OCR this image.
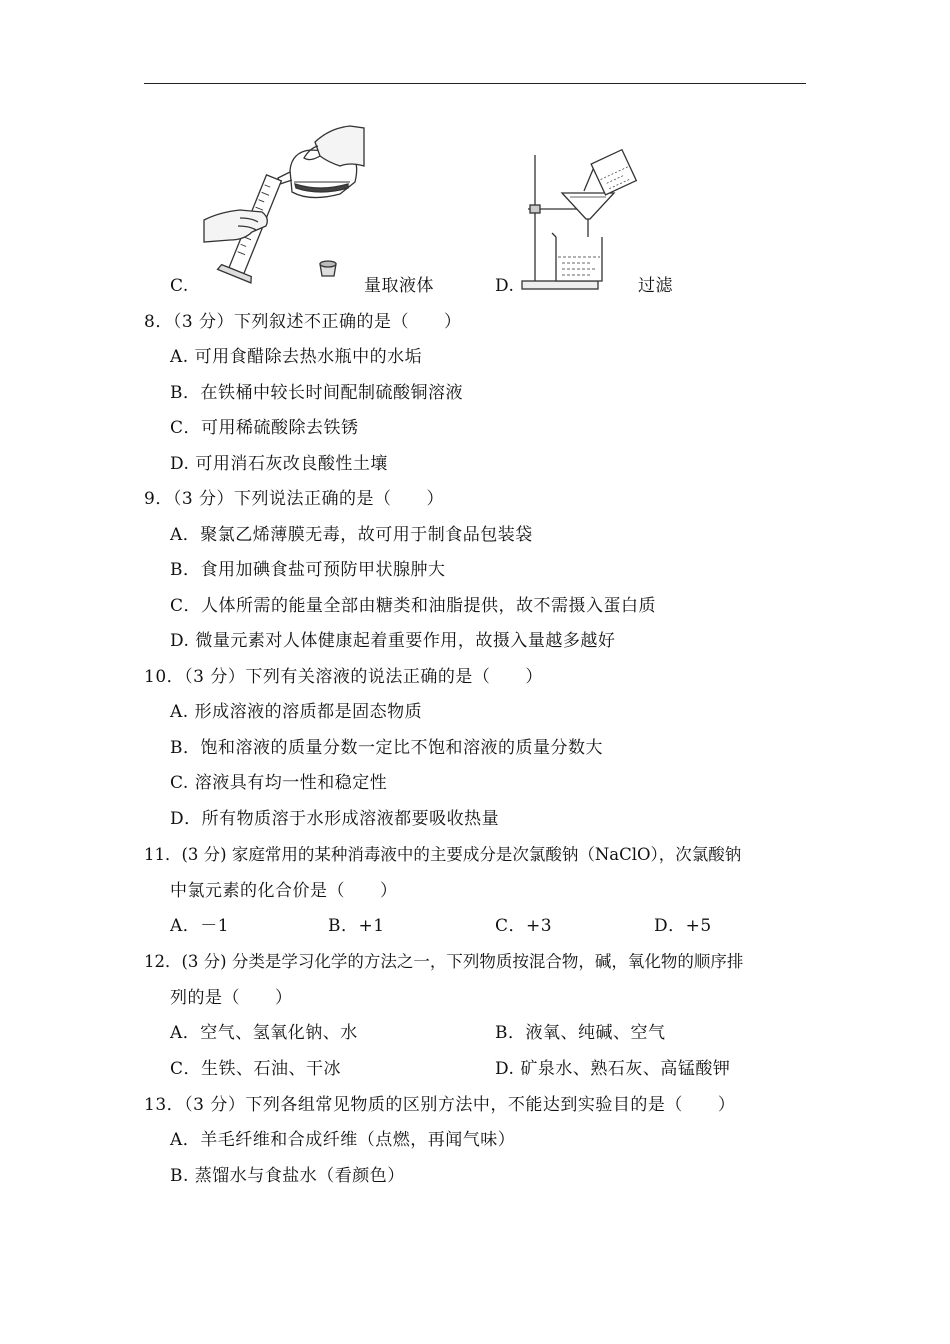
C.	量取液体	D.	过滤
8．（3 分）下列叙述不正确的是（　　）
A. 可用食醋除去热水瓶中的水垢
B．在铁桶中较长时间配制硫酸铜溶液
C．可用稀硫酸除去铁锈
D. 可用消石灰改良酸性土壤
9．（3 分）下列说法正确的是（　　）
A．聚氯乙烯薄膜无毒，故可用于制食品包装袋
B．食用加碘食盐可预防甲状腺肿大
C．人体所需的能量全部由糖类和油脂提供，故不需摄入蛋白质
D. 微量元素对人体健康起着重要作用，故摄入量越多越好
10．（3 分）下列有关溶液的说法正确的是（　　）
A. 形成溶液的溶质都是固态物质
B．饱和溶液的质量分数一定比不饱和溶液的质量分数大
C. 溶液具有均一性和稳定性
D．所有物质溶于水形成溶液都要吸收热量
11．(3 分) 家庭常用的某种消毒液中的主要成分是次氯酸钠（NaClO），次氯酸钠
中氯元素的化合价是（　　）
A．－1	B．+1	C．+3	D．+5
12．(3 分) 分类是学习化学的方法之一，下列物质按混合物，碱，氧化物的顺序排
列的是（　　）
A．空气、氢氧化钠、水	B．液氧、纯碱、空气
C．生铁、石油、干冰	D. 矿泉水、熟石灰、高锰酸钾
13．（3 分）下列各组常见物质的区别方法中，不能达到实验目的是（　　）
A．羊毛纤维和合成纤维（点燃，再闻气味）
B. 蒸馏水与食盐水（看颜色）
